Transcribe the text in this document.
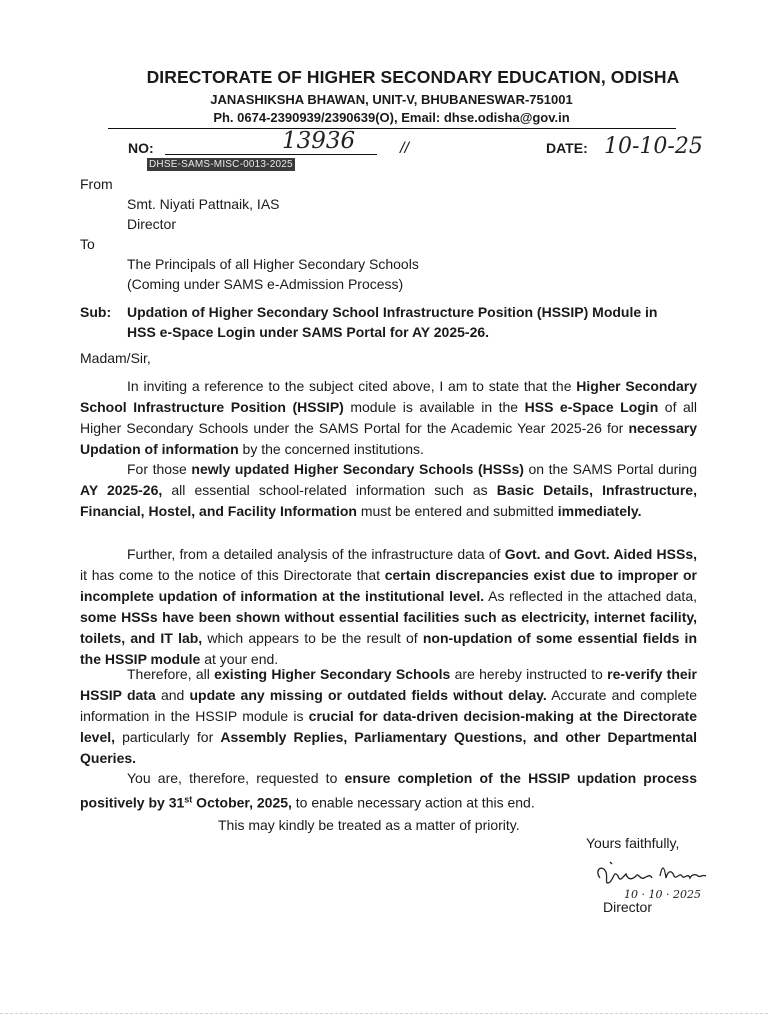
DIRECTORATE OF HIGHER SECONDARY EDUCATION, ODISHA
JANASHIKSHA BHAWAN, UNIT-V, BHUBANESWAR-751001
Ph. 0674-2390939/2390639(O), Email: dhse.odisha@gov.in
NO:	13936	//	DATE: 10-10-25
DHSE-SAMS-MISC-0013-2025
From
Smt. Niyati Pattnaik, IAS
Director
To
The Principals of all Higher Secondary Schools
(Coming under SAMS e-Admission Process)
Sub: Updation of Higher Secondary School Infrastructure Position (HSSIP) Module in
HSS e-Space Login under SAMS Portal for AY 2025-26.
Madam/Sir,
In inviting a reference to the subject cited above, I am to state that the Higher Secondary School Infrastructure Position (HSSIP) module is available in the HSS e-Space Login of all Higher Secondary Schools under the SAMS Portal for the Academic Year 2025-26 for necessary Updation of information by the concerned institutions.
For those newly updated Higher Secondary Schools (HSSs) on the SAMS Portal during AY 2025-26, all essential school-related information such as Basic Details, Infrastructure, Financial, Hostel, and Facility Information must be entered and submitted immediately.
Further, from a detailed analysis of the infrastructure data of Govt. and Govt. Aided HSSs, it has come to the notice of this Directorate that certain discrepancies exist due to improper or incomplete updation of information at the institutional level. As reflected in the attached data, some HSSs have been shown without essential facilities such as electricity, internet facility, toilets, and IT lab, which appears to be the result of non-updation of some essential fields in the HSSIP module at your end.
Therefore, all existing Higher Secondary Schools are hereby instructed to re-verify their HSSIP data and update any missing or outdated fields without delay. Accurate and complete information in the HSSIP module is crucial for data-driven decision-making at the Directorate level, particularly for Assembly Replies, Parliamentary Questions, and other Departmental Queries.
You are, therefore, requested to ensure completion of the HSSIP updation process positively by 31st October, 2025, to enable necessary action at this end.
This may kindly be treated as a matter of priority.
Yours faithfully,
10 · 10 · 2025
Director
